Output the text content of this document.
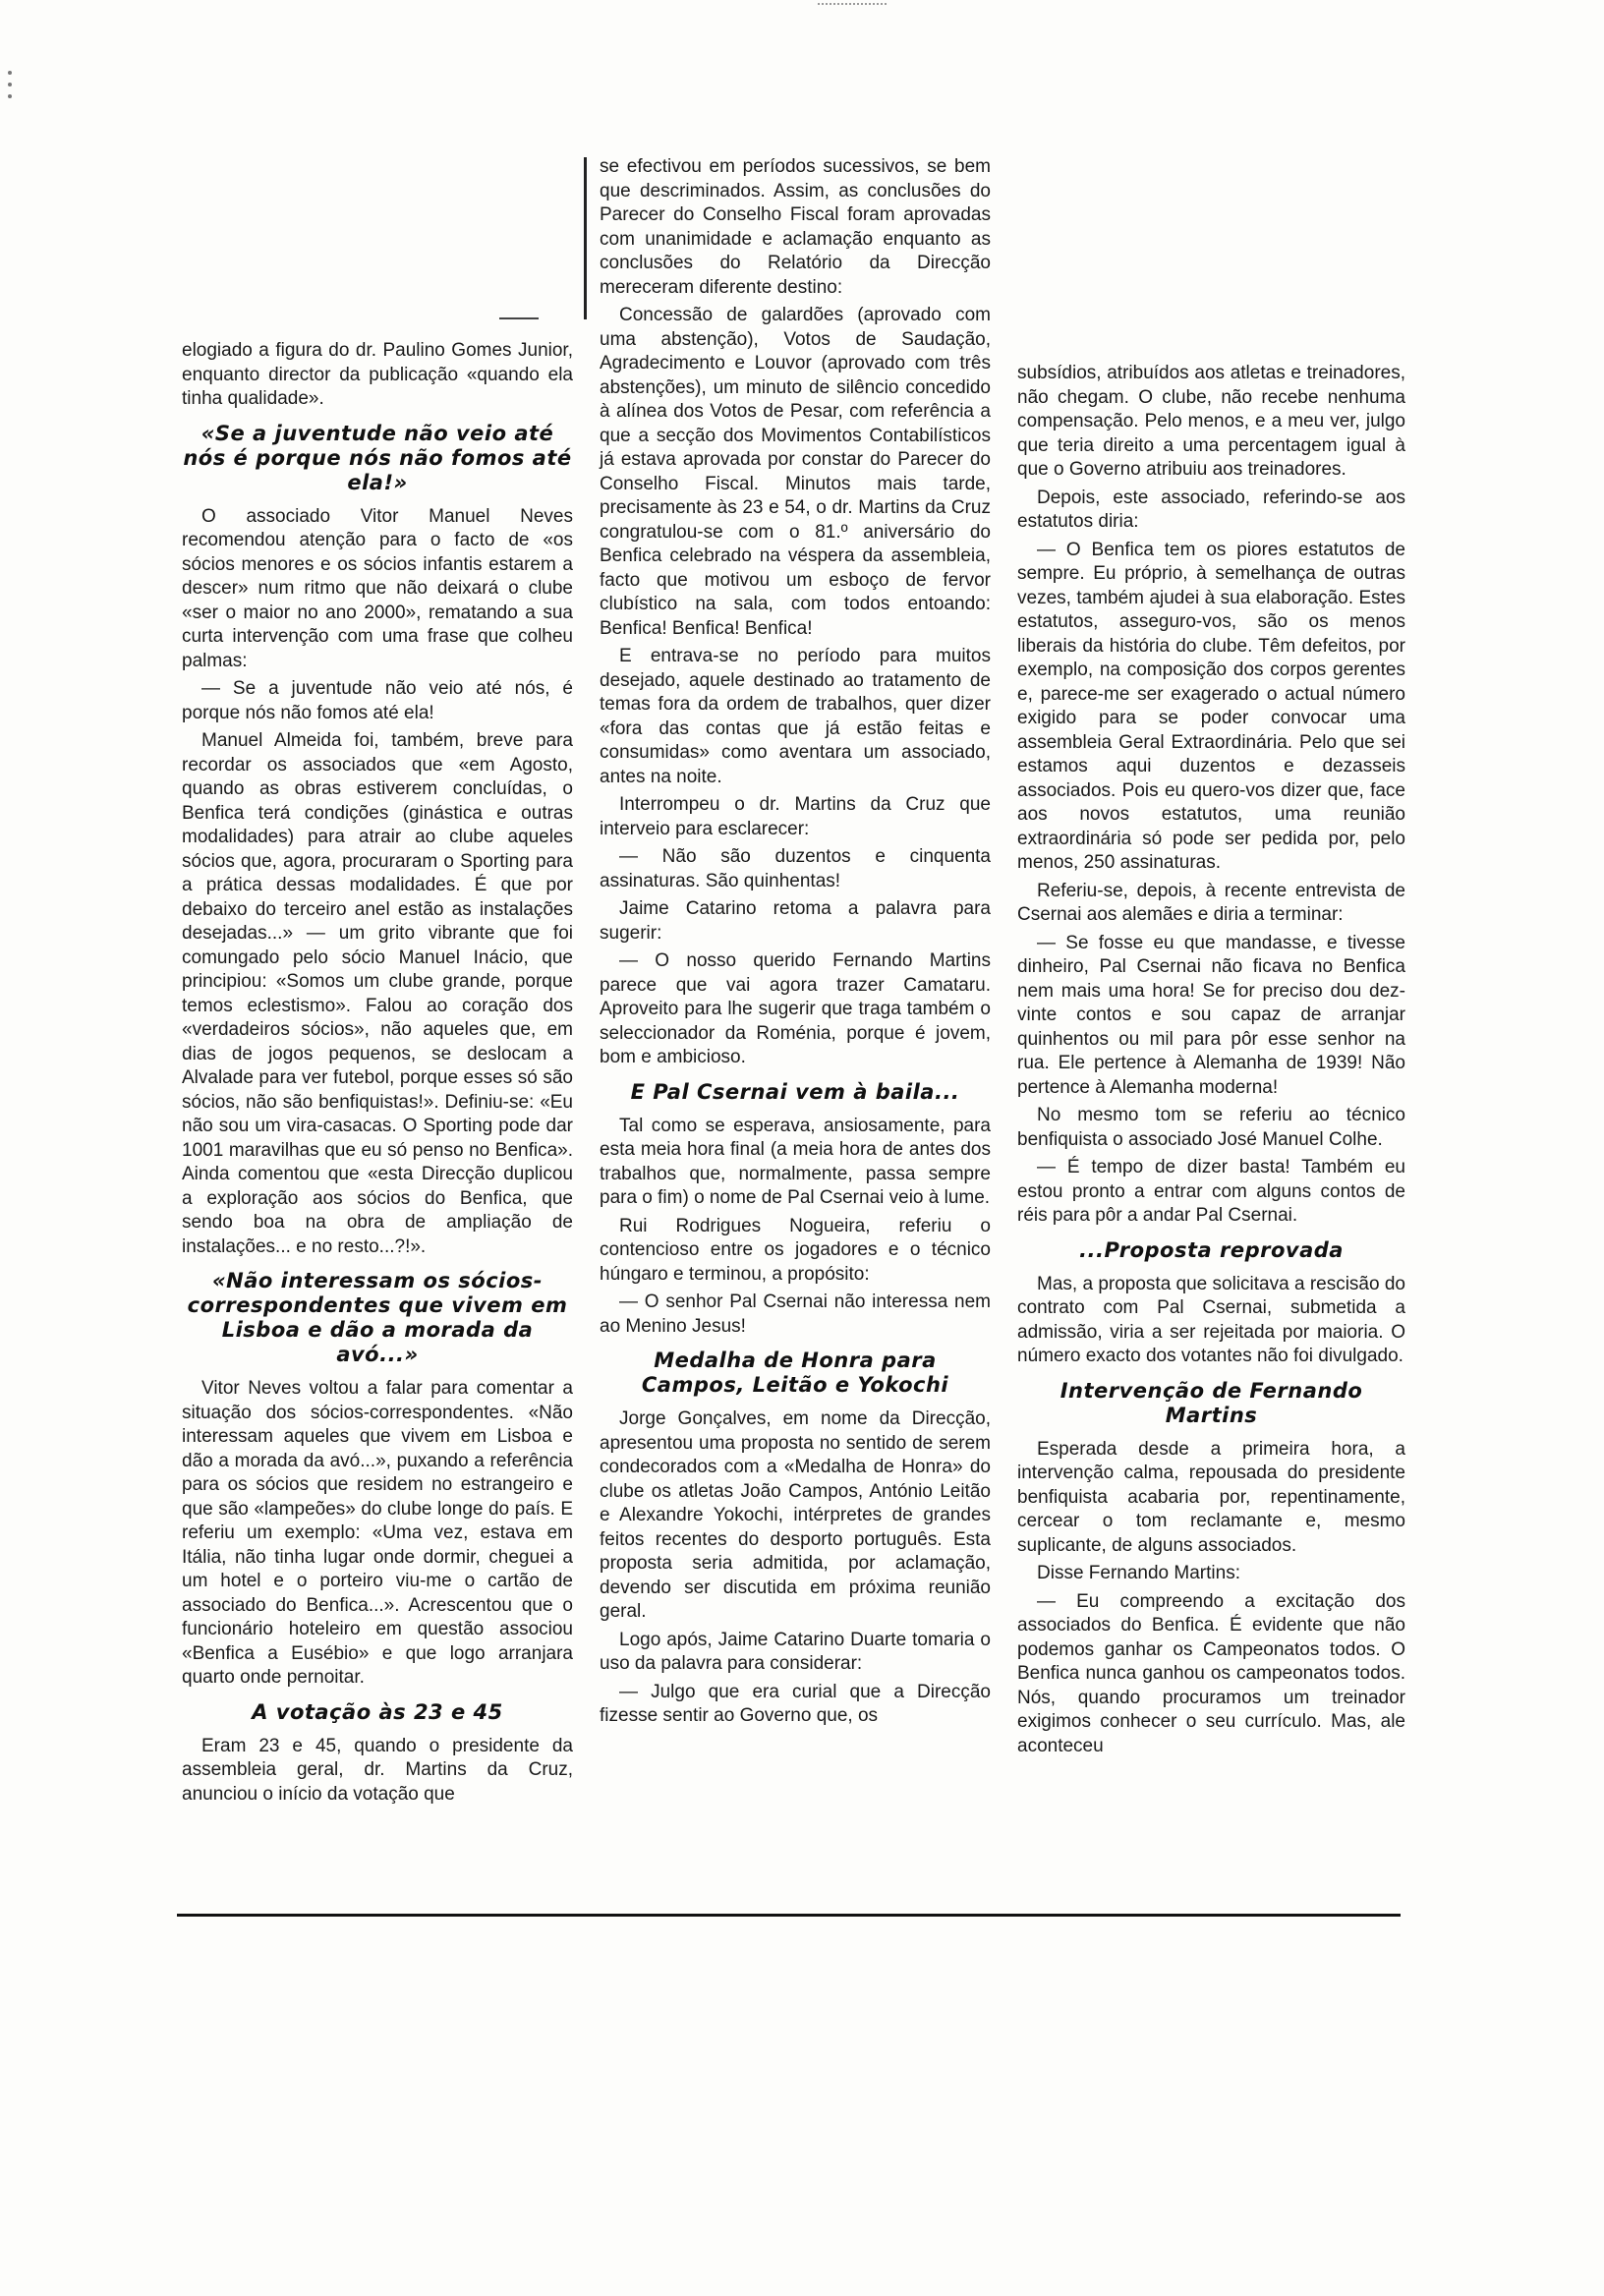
elogiado a figura do dr. Paulino Gomes Junior, enquanto director da publicação «quando ela tinha qualidade».

«Se a juventude não veio até nós é porque nós não fomos até ela!»

O associado Vitor Manuel Neves recomendou atenção para o facto de «os sócios menores e os sócios infantis estarem a descer» num ritmo que não deixará o clube «ser o maior no ano 2000», rematando a sua curta intervenção com uma frase que colheu palmas:

— Se a juventude não veio até nós, é porque nós não fomos até ela!

Manuel Almeida foi, também, breve para recordar os associados que «em Agosto, quando as obras estiverem concluídas, o Benfica terá condições (ginástica e outras modalidades) para atrair ao clube aqueles sócios que, agora, procuraram o Sporting para a prática dessas modalidades. É que por debaixo do terceiro anel estão as instalações desejadas...» — um grito vibrante que foi comungado pelo sócio Manuel Inácio, que principiou: «Somos um clube grande, porque temos eclestismo». Falou ao coração dos «verdadeiros sócios», não aqueles que, em dias de jogos pequenos, se deslocam a Alvalade para ver futebol, porque esses só são sócios, não são benfiquistas!». Definiu-se: «Eu não sou um vira-casacas. O Sporting pode dar 1001 maravilhas que eu só penso no Benfica». Ainda comentou que «esta Direcção duplicou a exploração aos sócios do Benfica, que sendo boa na obra de ampliação de instalações... e no resto...?!».

«Não interessam os sócios-correspondentes que vivem em Lisboa e dão a morada da avó...»

Vitor Neves voltou a falar para comentar a situação dos sócios-correspondentes. «Não interessam aqueles que vivem em Lisboa e dão a morada da avó...», puxando a referência para os sócios que residem no estrangeiro e que são «lampeões» do clube longe do país. E referiu um exemplo: «Uma vez, estava em Itália, não tinha lugar onde dormir, cheguei a um hotel e o porteiro viu-me o cartão de associado do Benfica...». Acrescentou que o funcionário hoteleiro em questão associou «Benfica a Eusébio» e que logo arranjara quarto onde pernoitar.

A votação às 23 e 45

Eram 23 e 45, quando o presidente da assembleia geral, dr. Martins da Cruz, anunciou o início da votação que

se efectivou em períodos sucessivos, se bem que descriminados. Assim, as conclusões do Parecer do Conselho Fiscal foram aprovadas com unanimidade e aclamação enquanto as conclusões do Relatório da Direcção mereceram diferente destino:

Concessão de galardões (aprovado com uma abstenção), Votos de Saudação, Agradecimento e Louvor (aprovado com três abstenções), um minuto de silêncio concedido à alínea dos Votos de Pesar, com referência a que a secção dos Movimentos Contabilísticos já estava aprovada por constar do Parecer do Conselho Fiscal. Minutos mais tarde, precisamente às 23 e 54, o dr. Martins da Cruz congratulou-se com o 81.º aniversário do Benfica celebrado na véspera da assembleia, facto que motivou um esboço de fervor clubístico na sala, com todos entoando: Benfica! Benfica! Benfica!

E entrava-se no período para muitos desejado, aquele destinado ao tratamento de temas fora da ordem de trabalhos, quer dizer «fora das contas que já estão feitas e consumidas» como aventara um associado, antes na noite.

Interrompeu o dr. Martins da Cruz que interveio para esclarecer:

— Não são duzentos e cinquenta assinaturas. São quinhentas!

Jaime Catarino retoma a palavra para sugerir:

— O nosso querido Fernando Martins parece que vai agora trazer Camataru. Aproveito para lhe sugerir que traga também o seleccionador da Roménia, porque é jovem, bom e ambicioso.

E Pal Csernai vem à baila...

Tal como se esperava, ansiosamente, para esta meia hora final (a meia hora de antes dos trabalhos que, normalmente, passa sempre para o fim) o nome de Pal Csernai veio à lume.

Rui Rodrigues Nogueira, referiu o contencioso entre os jogadores e o técnico húngaro e terminou, a propósito:

— O senhor Pal Csernai não interessa nem ao Menino Jesus!

Medalha de Honra para Campos, Leitão e Yokochi

Jorge Gonçalves, em nome da Direcção, apresentou uma proposta no sentido de serem condecorados com a «Medalha de Honra» do clube os atletas João Campos, António Leitão e Alexandre Yokochi, intérpretes de grandes feitos recentes do desporto português. Esta proposta seria admitida, por aclamação, devendo ser discutida em próxima reunião geral.

Logo após, Jaime Catarino Duarte tomaria o uso da palavra para considerar:

— Julgo que era curial que a Direcção fizesse sentir ao Governo que, os

subsídios, atribuídos aos atletas e treinadores, não chegam. O clube, não recebe nenhuma compensação. Pelo menos, e a meu ver, julgo que teria direito a uma percentagem igual à que o Governo atribuiu aos treinadores.

Depois, este associado, referindo-se aos estatutos diria:

— O Benfica tem os piores estatutos de sempre. Eu próprio, à semelhança de outras vezes, também ajudei à sua elaboração. Estes estatutos, asseguro-vos, são os menos liberais da história do clube. Têm defeitos, por exemplo, na composição dos corpos gerentes e, parece-me ser exagerado o actual número exigido para se poder convocar uma assembleia Geral Extraordinária. Pelo que sei estamos aqui duzentos e dezasseis associados. Pois eu quero-vos dizer que, face aos novos estatutos, uma reunião extraordinária só pode ser pedida por, pelo menos, 250 assinaturas.

Referiu-se, depois, à recente entrevista de Csernai aos alemães e diria a terminar:

— Se fosse eu que mandasse, e tivesse dinheiro, Pal Csernai não ficava no Benfica nem mais uma hora! Se for preciso dou dez-vinte contos e sou capaz de arranjar quinhentos ou mil para pôr esse senhor na rua. Ele pertence à Alemanha de 1939! Não pertence à Alemanha moderna!

No mesmo tom se referiu ao técnico benfiquista o associado José Manuel Colhe.

— É tempo de dizer basta! Também eu estou pronto a entrar com alguns contos de réis para pôr a andar Pal Csernai.

...Proposta reprovada

Mas, a proposta que solicitava a rescisão do contrato com Pal Csernai, submetida a admissão, viria a ser rejeitada por maioria. O número exacto dos votantes não foi divulgado.

Intervenção de Fernando Martins

Esperada desde a primeira hora, a intervenção calma, repousada do presidente benfiquista acabaria por, repentinamente, cercear o tom reclamante e, mesmo suplicante, de alguns associados.

Disse Fernando Martins:

— Eu compreendo a excitação dos associados do Benfica. É evidente que não podemos ganhar os Campeonatos todos. O Benfica nunca ganhou os campeonatos todos. Nós, quando procuramos um treinador exigimos conhecer o seu currículo. Mas, ale aconteceu
